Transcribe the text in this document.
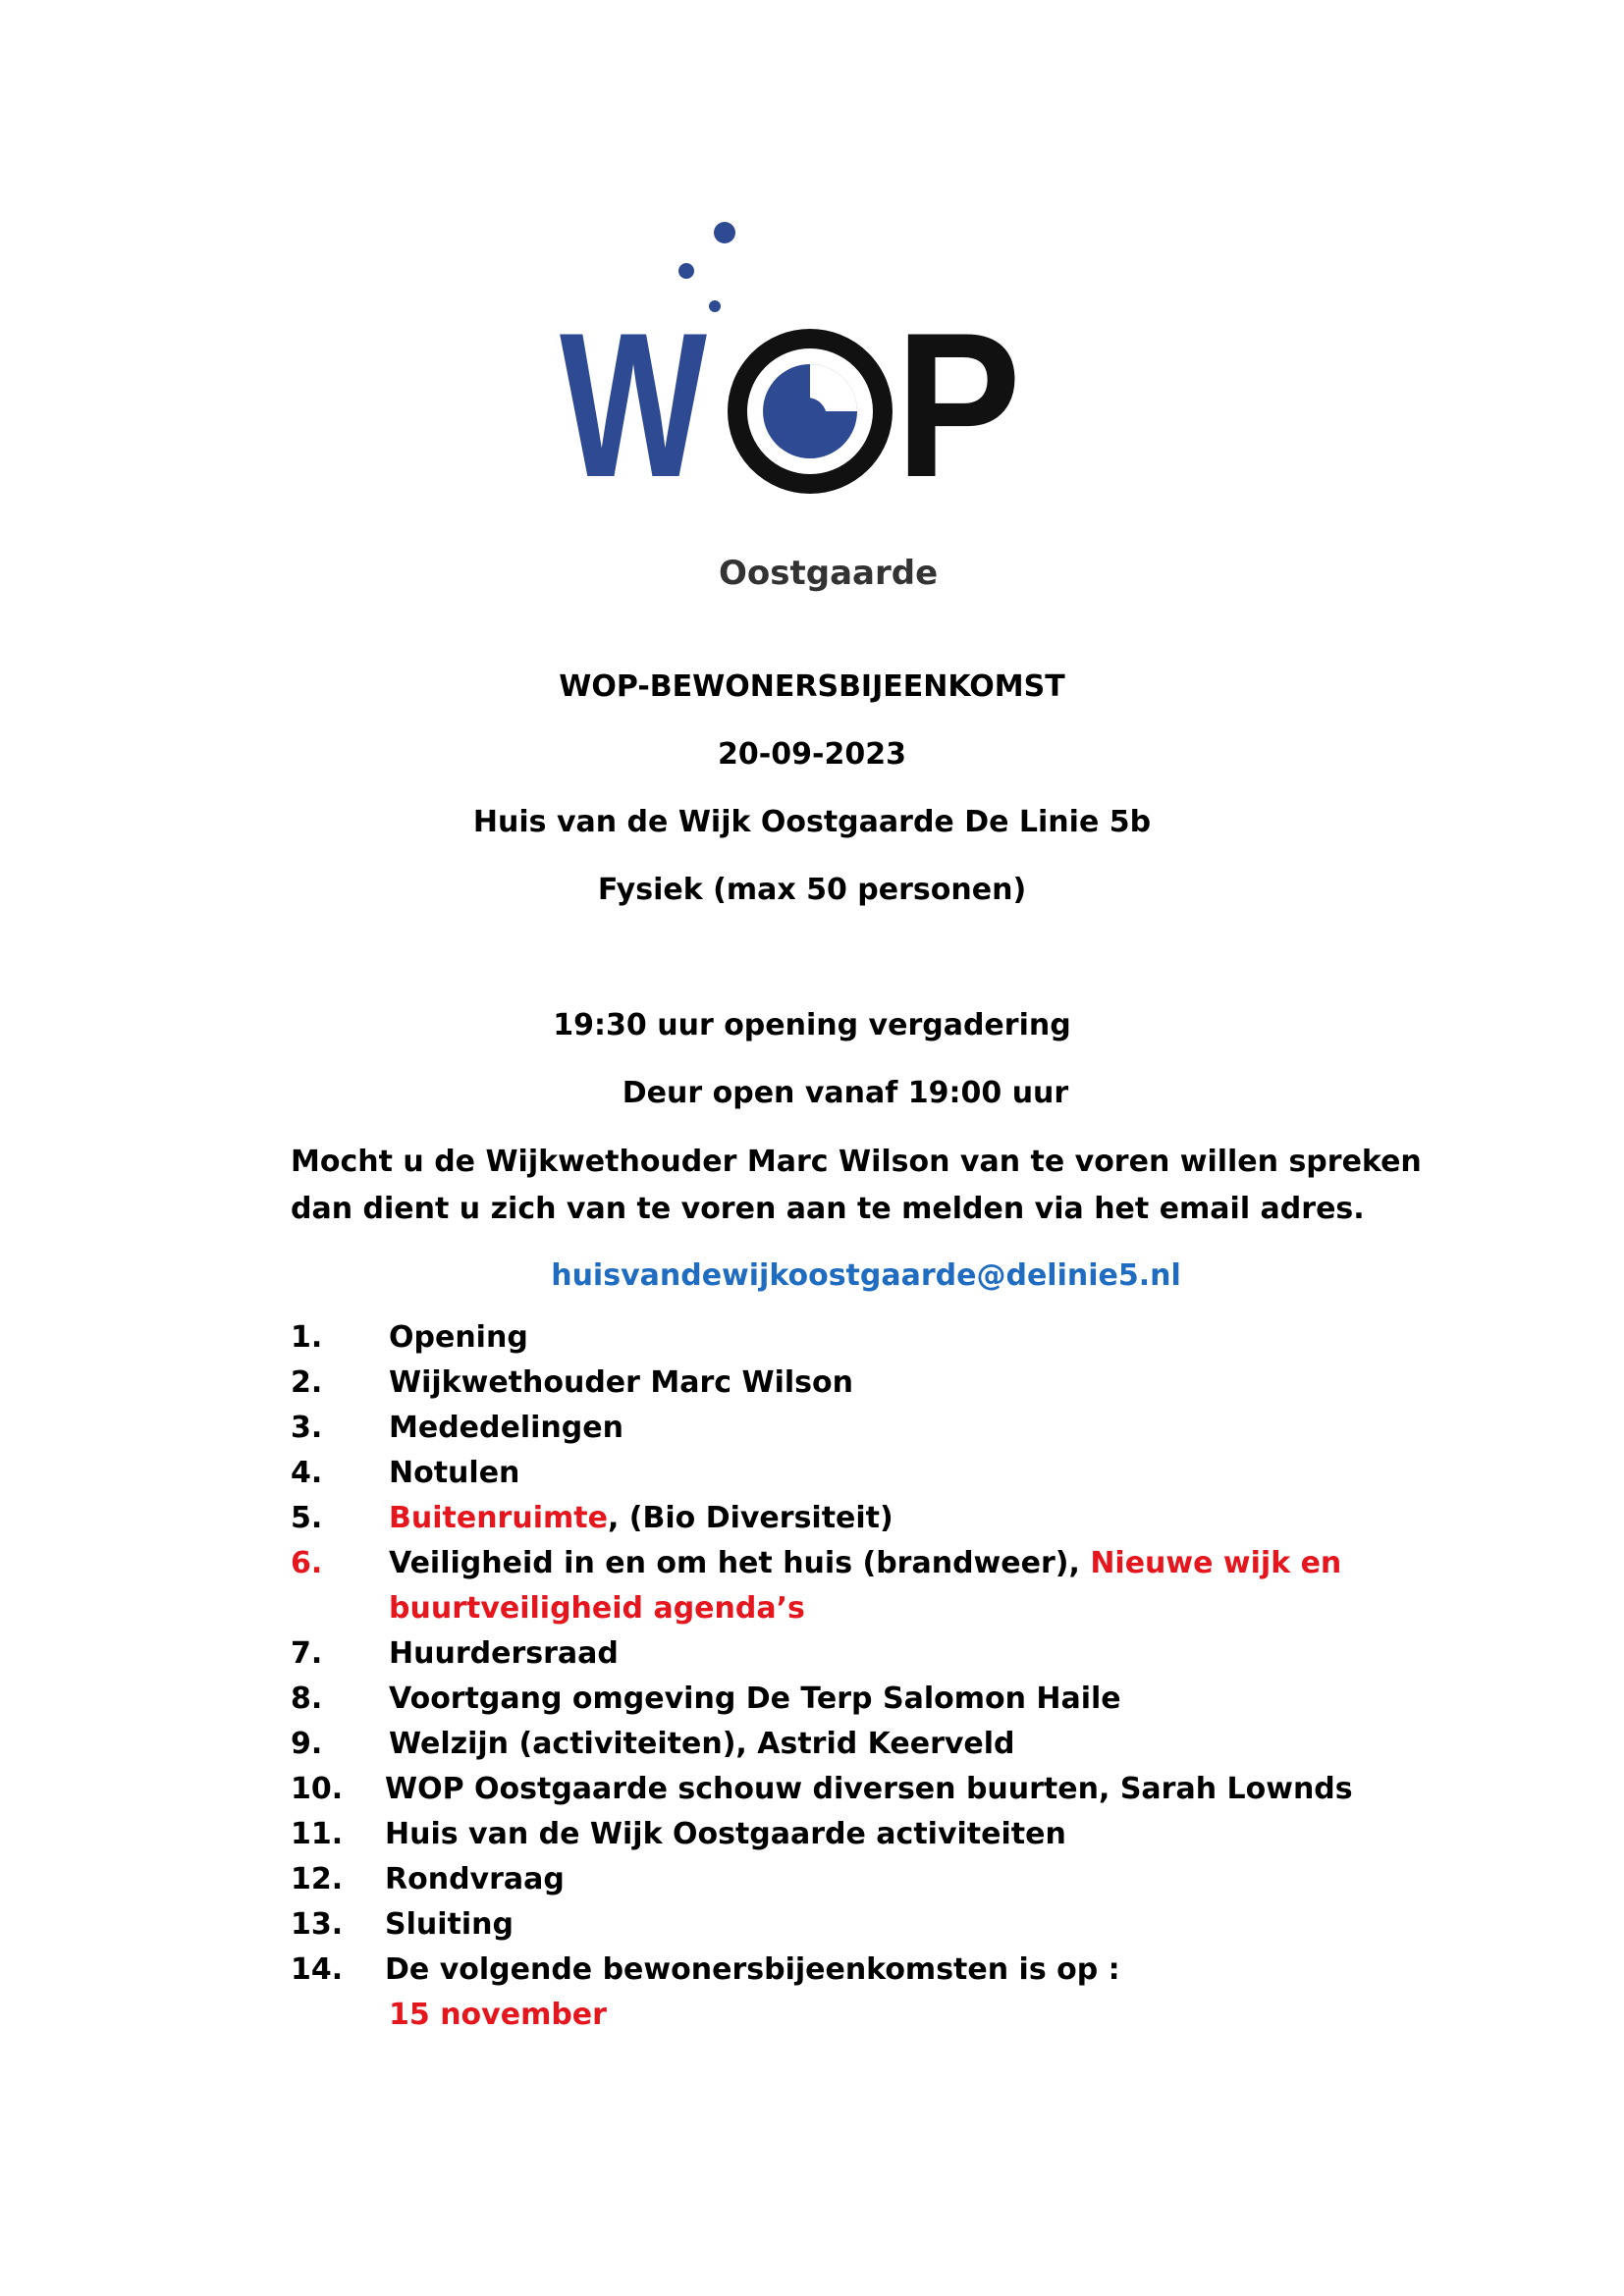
W P
Oostgaarde
WOP-BEWONERSBIJEENKOMST
20-09-2023
Huis van de Wijk Oostgaarde De Linie 5b
Fysiek (max 50 personen)
19:30 uur opening vergadering
Deur open vanaf 19:00 uur
Mocht u de Wijkwethouder Marc Wilson van te voren willen spreken
dan dient u zich van te voren aan te melden via het email adres.
huisvandewijkoostgaarde@delinie5.nl
1. Opening
2. Wijkwethouder Marc Wilson
3. Mededelingen
4. Notulen
5. Buitenruimte, (Bio Diversiteit)
6. Veiligheid in en om het huis (brandweer), Nieuwe wijk en
buurtveiligheid agenda’s
7. Huurdersraad
8. Voortgang omgeving De Terp Salomon Haile
9. Welzijn (activiteiten), Astrid Keerveld
10. WOP Oostgaarde schouw diversen buurten, Sarah Lownds
11. Huis van de Wijk Oostgaarde activiteiten
12. Rondvraag
13. Sluiting
14. De volgende bewonersbijeenkomsten is op :
15 november
